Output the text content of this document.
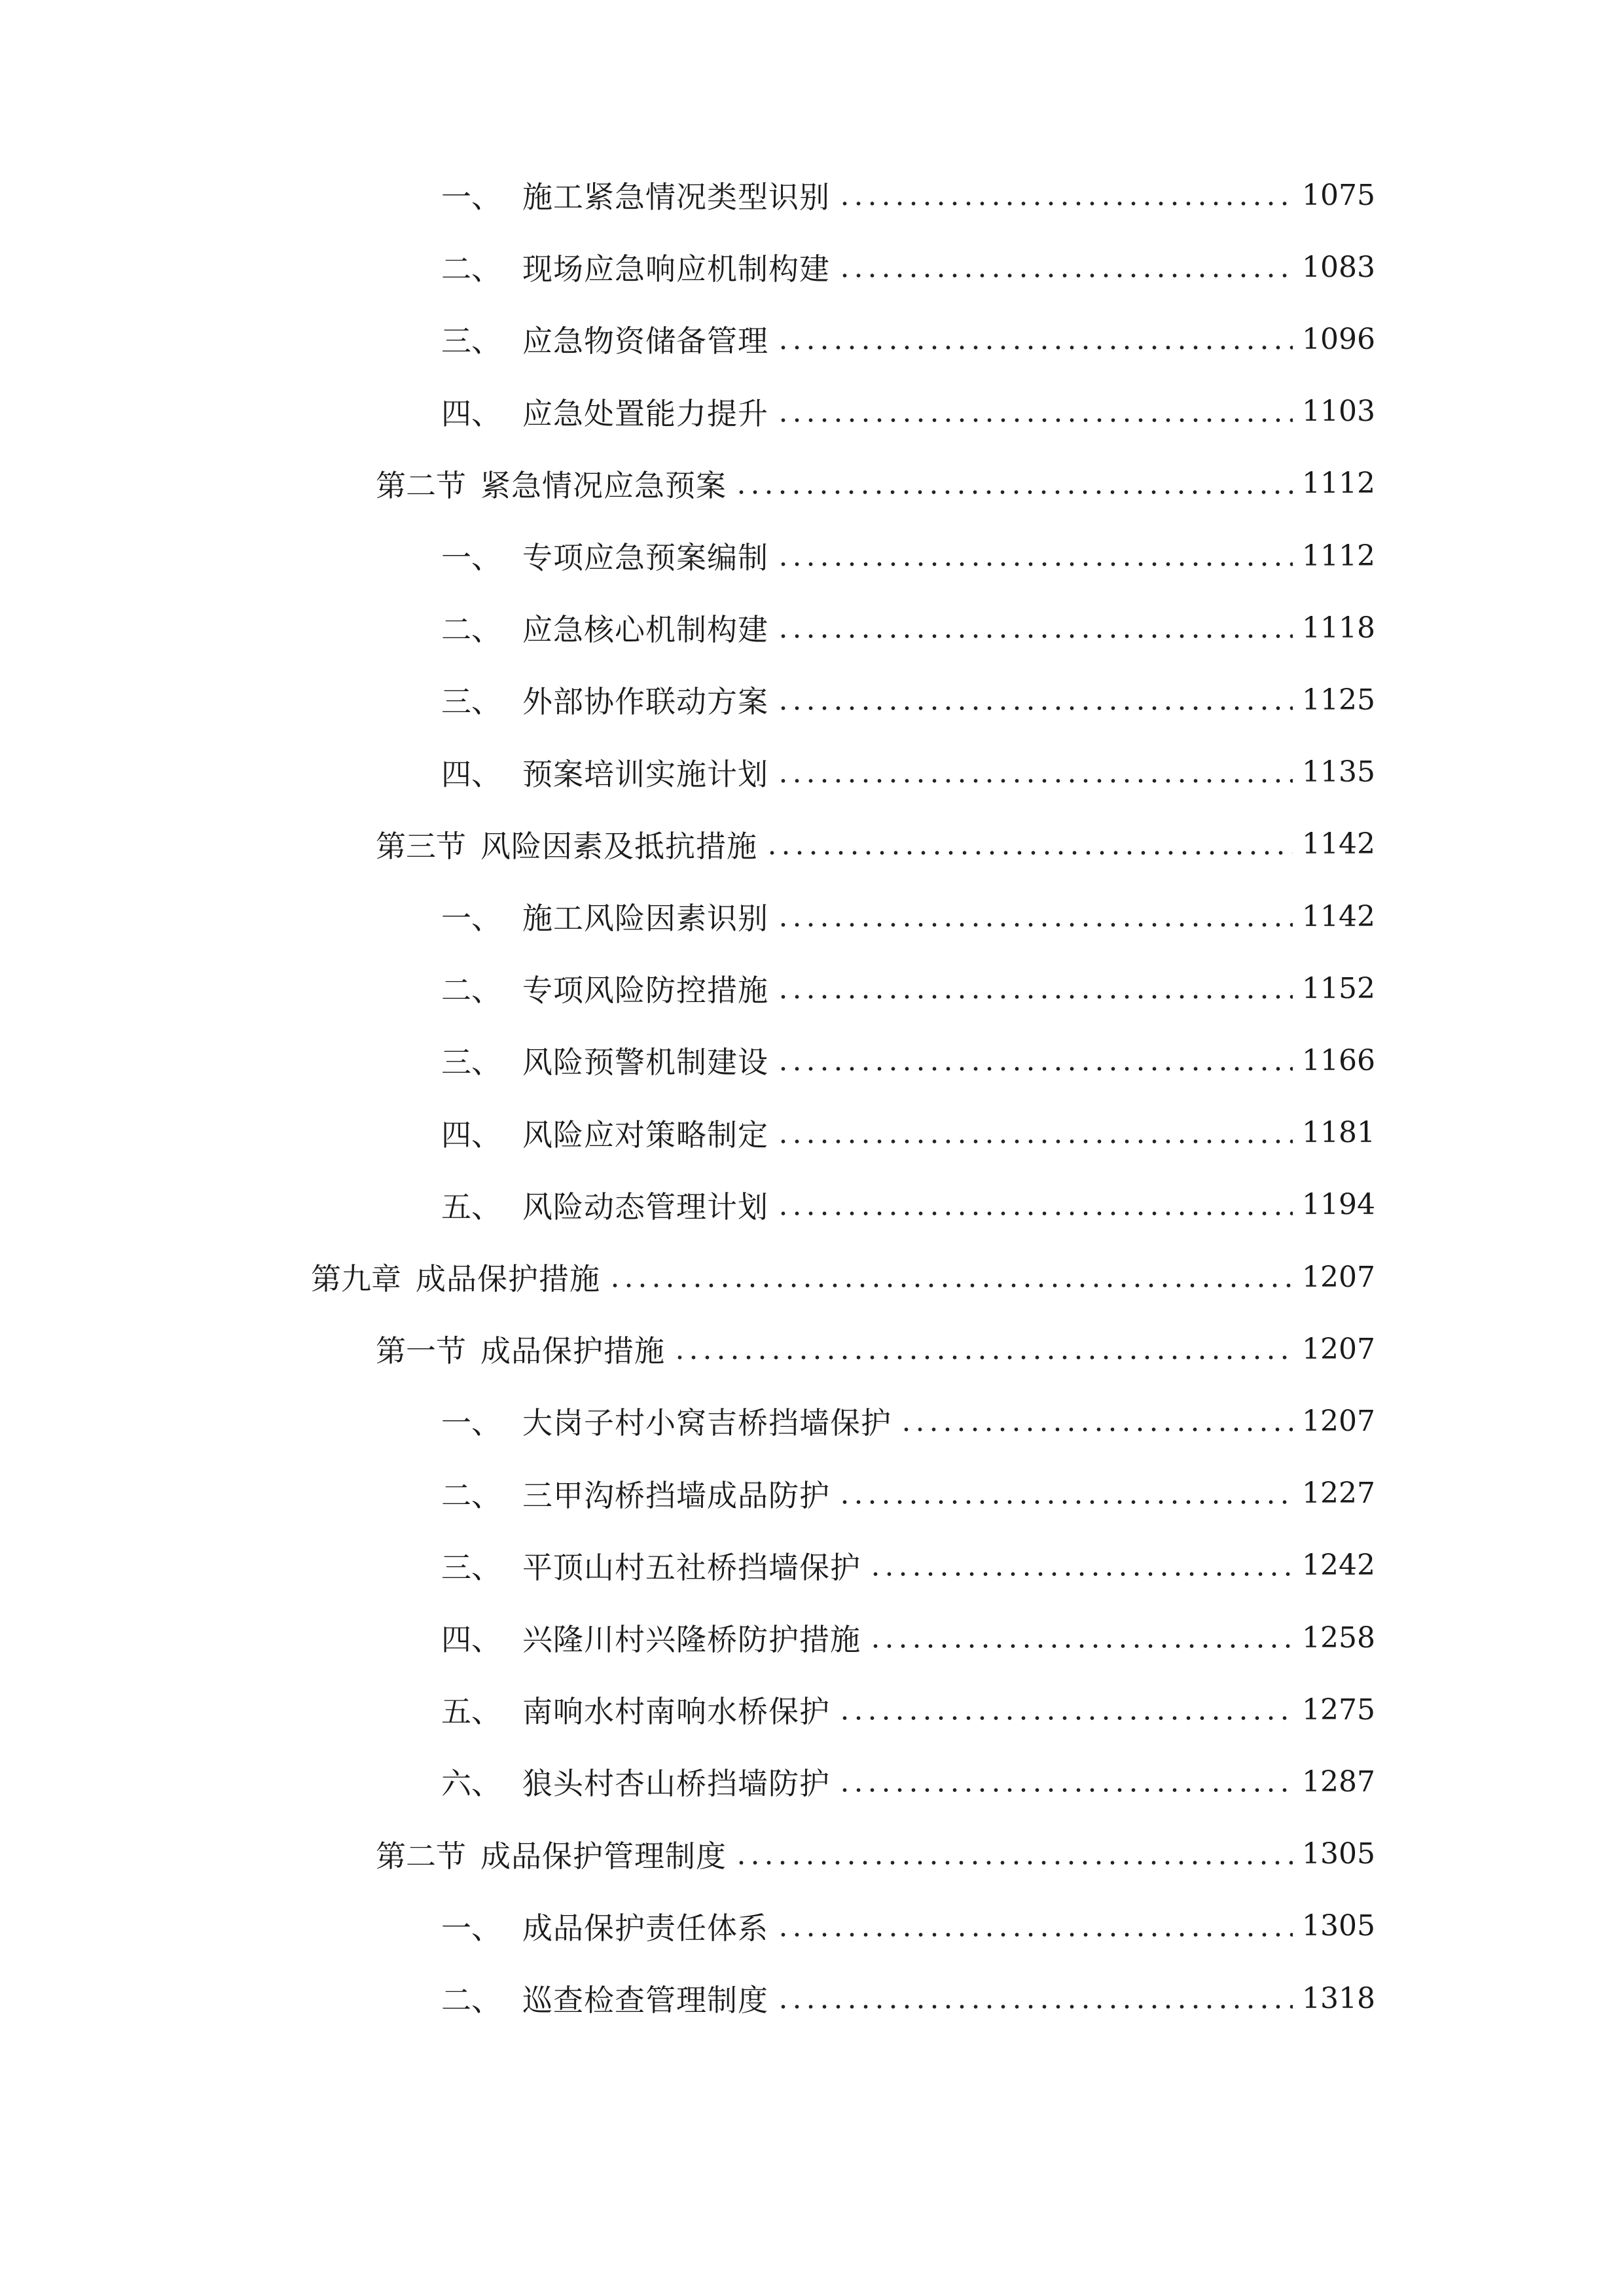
一、 施工紧急情况类型识别	1075
二、 现场应急响应机制构建	1083
三、 应急物资储备管理	1096
四、 应急处置能力提升	1103
第二节 紧急情况应急预案	1112
一、 专项应急预案编制	1112
二、 应急核心机制构建	1118
三、 外部协作联动方案	1125
四、 预案培训实施计划	1135
第三节 风险因素及抵抗措施	1142
一、 施工风险因素识别	1142
二、 专项风险防控措施	1152
三、 风险预警机制建设	1166
四、 风险应对策略制定	1181
五、 风险动态管理计划	1194
第九章 成品保护措施	1207
第一节 成品保护措施	1207
一、 大岗子村小窝吉桥挡墙保护	1207
二、 三甲沟桥挡墙成品防护	1227
三、 平顶山村五社桥挡墙保护	1242
四、 兴隆川村兴隆桥防护措施	1258
五、 南响水村南响水桥保护	1275
六、 狼头村杏山桥挡墙防护	1287
第二节 成品保护管理制度	1305
一、 成品保护责任体系	1305
二、 巡查检查管理制度	1318
